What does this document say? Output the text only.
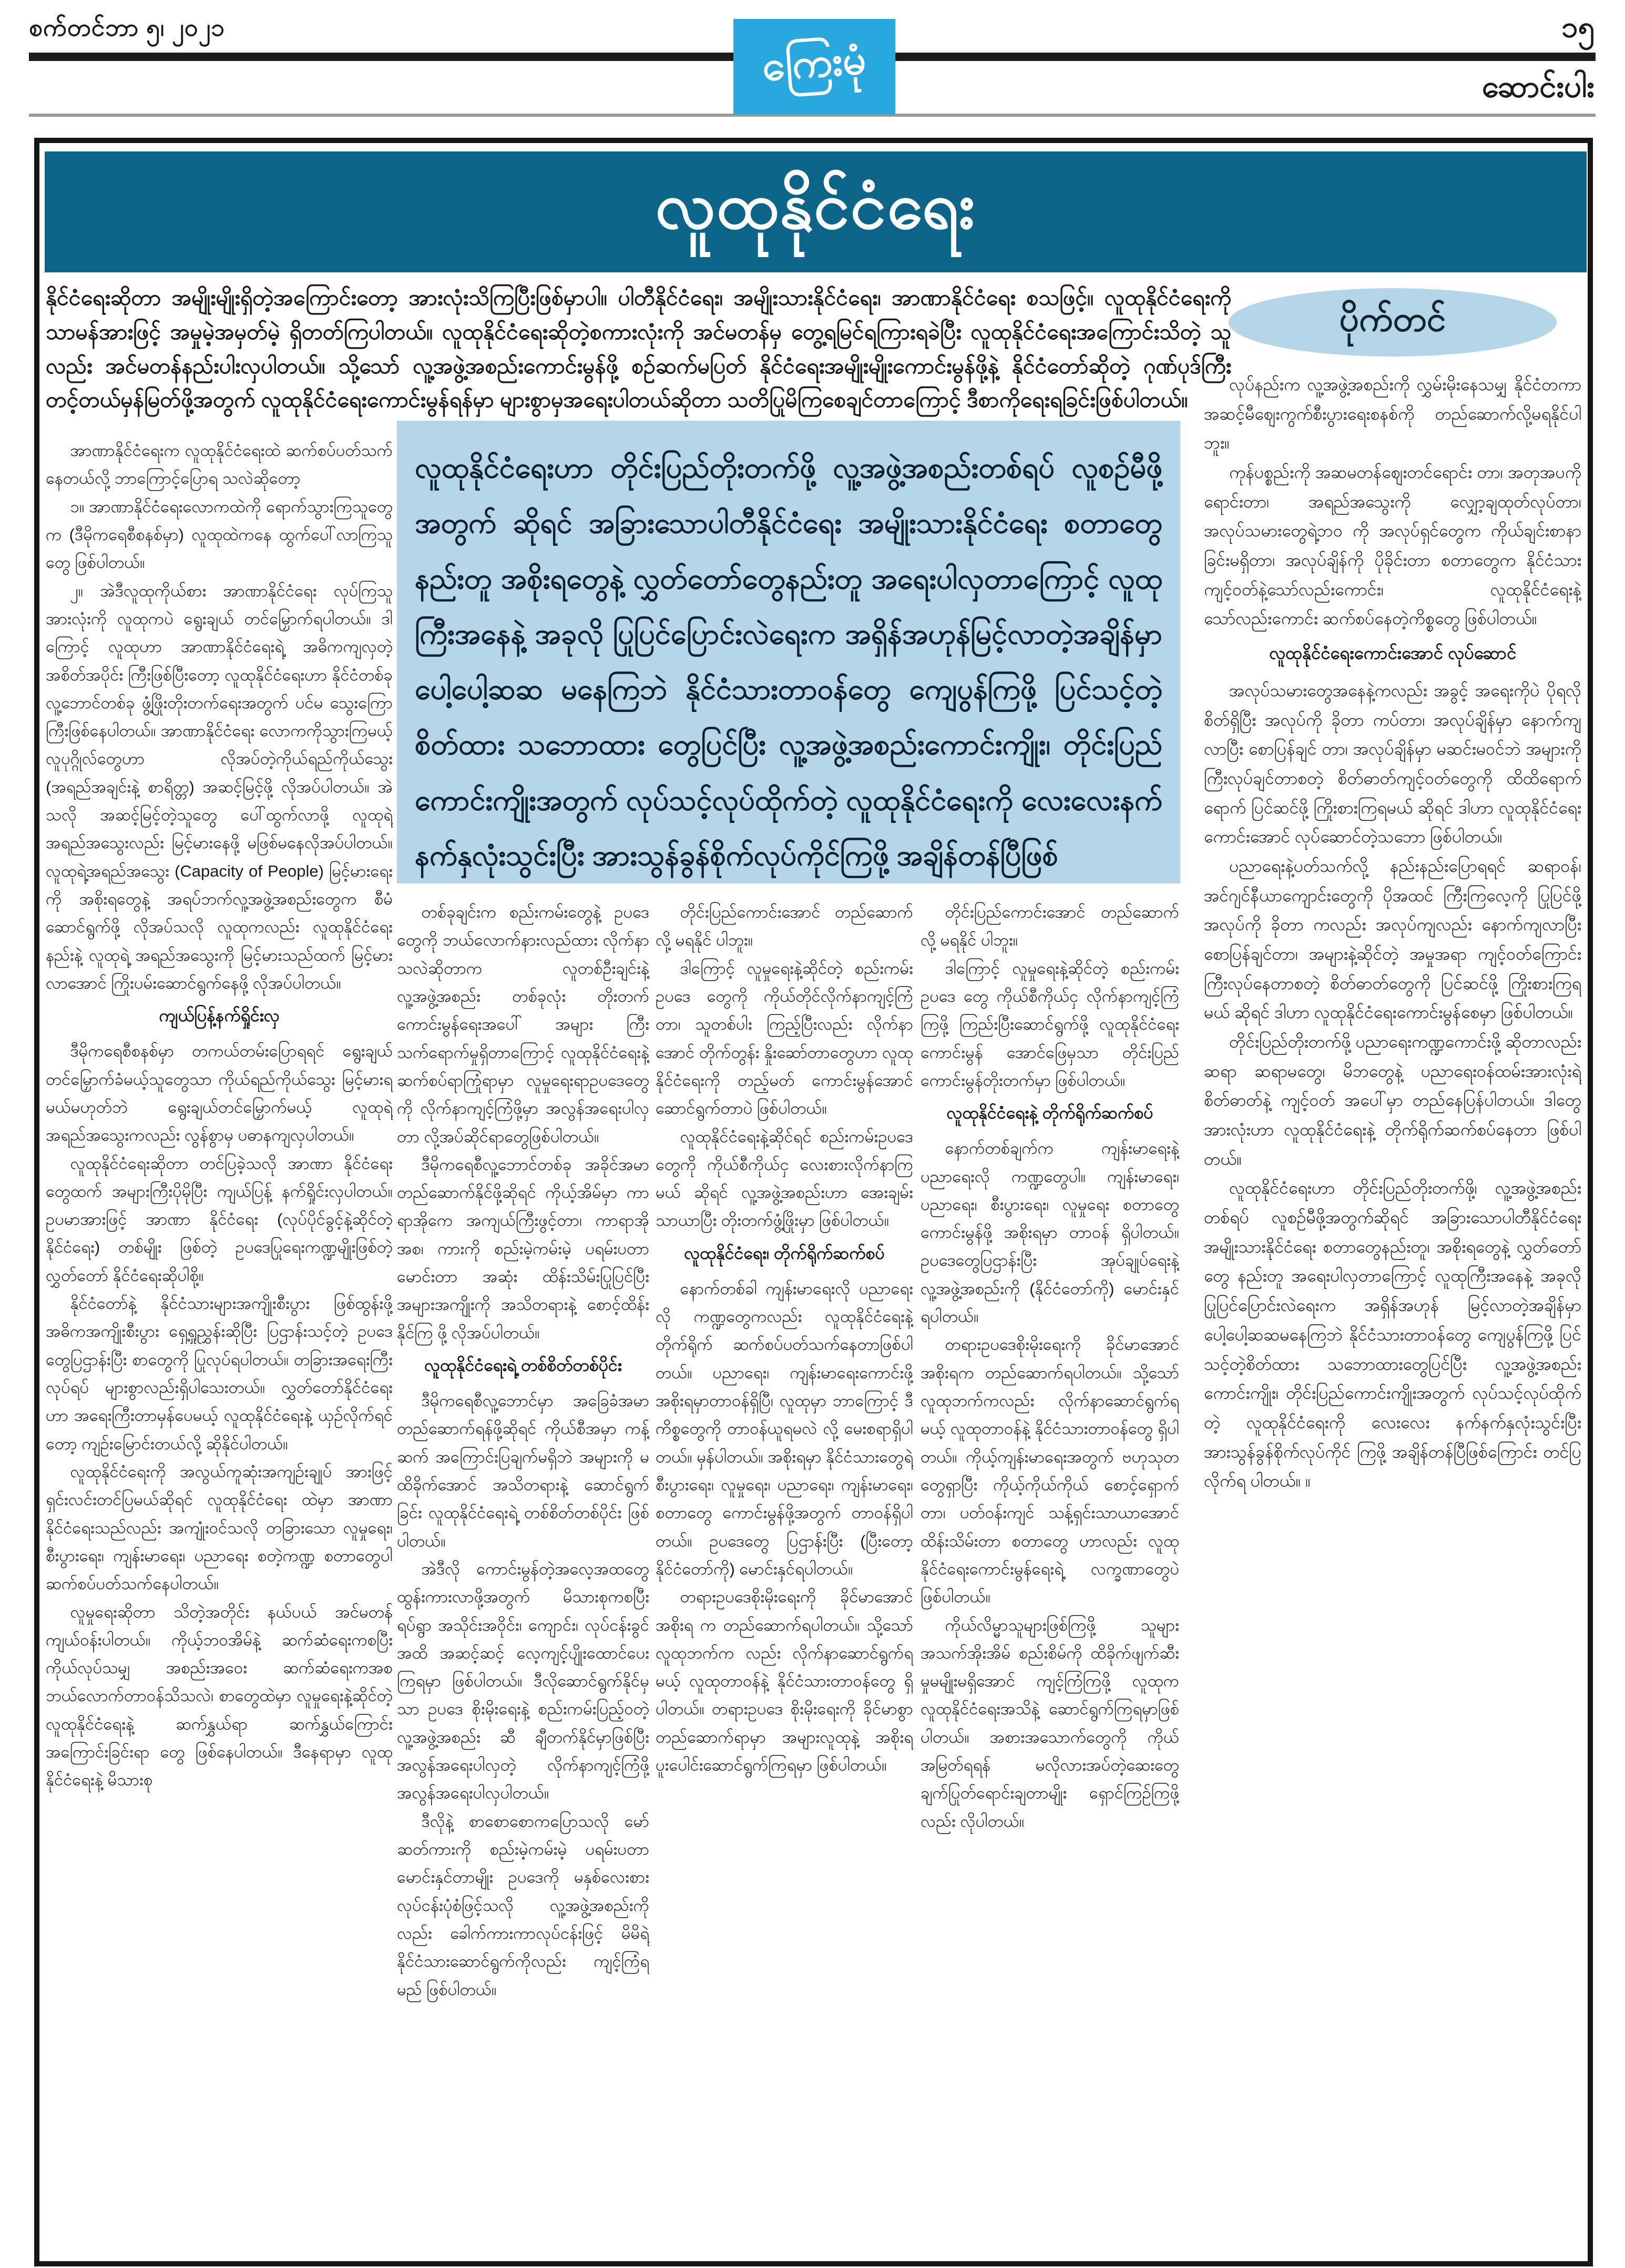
စက်တင်ဘာ ၅၊ ၂၀၂၁	၁၅
ကြေးမုံ	ဆောင်းပါး
လူထုနိုင်ငံရေး
နိုင်ငံရေးဆိုတာ အမျိုးမျိုးရှိတဲ့အကြောင်းတော့ အားလုံးသိကြပြီးဖြစ်မှာပါ။ ပါတီနိုင်ငံရေး၊ အမျိုးသားနိုင်ငံရေး၊ အာဏာနိုင်ငံရေး စသဖြင့်။ လူထုနိုင်ငံရေးကို သာမန်အားဖြင့် အမှုမဲ့အမှတ်မဲ့ ရှိတတ်ကြပါတယ်။ လူထုနိုင်ငံရေးဆိုတဲ့စကားလုံးကို အင်မတန်မှ တွေ့ရမြင်ရကြားရခဲပြီး လူထုနိုင်ငံရေးအကြောင်းသိတဲ့ သူလည်း အင်မတန်နည်းပါးလှပါတယ်။ သို့သော် လူ့အဖွဲ့အစည်းကောင်းမွန်ဖို့ စဉ်ဆက်မပြတ် နိုင်ငံရေးအမျိုးမျိုးကောင်းမွန်ဖို့နဲ့ နိုင်ငံတော်ဆိုတဲ့ ဂုဏ်ပုဒ်ကြီး တင့်တယ်မှန်မြတ်ဖို့အတွက် လူထုနိုင်ငံရေးကောင်းမွန်ရန်မှာ များစွာမှအရေးပါတယ်ဆိုတာ သတိပြုမိကြစေချင်တာကြောင့် ဒီစာကိုရေးရခြင်းဖြစ်ပါတယ်။

အာဏာနိုင်ငံရေးက လူထုနိုင်ငံရေးထဲ ဆက်စပ်ပတ်သက်နေတယ်လို့ ဘာကြောင့်ပြောရ သလဲဆိုတော့

၁။ အာဏာနိုင်ငံရေးလောကထဲကို ရောက်သွားကြသူတွေက (ဒီမိုကရေစီစနစ်မှာ) လူထုထဲကနေ ထွက်ပေါ်လာကြသူတွေ ဖြစ်ပါတယ်။

၂။ အဲဒီလူထုကိုယ်စား အာဏာနိုင်ငံရေး လုပ်ကြသူအားလုံးကို လူထုကပဲ ရွေးချယ် တင်မြှောက်ရပါတယ်။ ဒါကြောင့် လူထုဟာ အာဏာနိုင်ငံရေးရဲ့ အဓိကကျလှတဲ့ အစိတ်အပိုင်း ကြီးဖြစ်ပြီးတော့ လူထုနိုင်ငံရေးဟာ နိုင်ငံတစ်ခု လူ့ဘောင်တစ်ခု ဖွံ့ဖြိုးတိုးတက်ရေးအတွက် ပင်မ သွေးကြောကြီးဖြစ်နေပါတယ်။ အာဏာနိုင်ငံရေး လောကကိုသွားကြမယ့် လူပုဂ္ဂိုလ်တွေဟာ လိုအပ်တဲ့ကိုယ်ရည်ကိုယ်သွေး (အရည်အချင်းနဲ့ စာရိတ္တ) အဆင့်မြင့်ဖို့ လိုအပ်ပါတယ်။ အဲသလို အဆင့်မြင့်တဲ့သူတွေ ပေါ်ထွက်လာဖို့ လူထုရဲ့အရည်အသွေးလည်း မြင့်မားနေဖို့ မဖြစ်မနေလိုအပ်ပါတယ်။ လူထုရဲ့အရည်အသွေး (Capacity of People) မြင့်မားရေးကို အစိုးရတွေနဲ့ အရပ်ဘက်လူ့အဖွဲ့အစည်းတွေက စီမံဆောင်ရွက်ဖို့ လိုအပ်သလို လူထုကလည်း လူထုနိုင်ငံရေးနည်းနဲ့ လူထုရဲ့ အရည်အသွေးကို မြင့်မားသည်ထက် မြင့်မားလာအောင် ကြိုးပမ်းဆောင်ရွက်နေဖို့ လိုအပ်ပါတယ်။

ကျယ်ပြန့်နက်ရှိုင်းလှ

ဒီမိုကရေစီစနစ်မှာ တကယ်တမ်းပြောရရင် ရွေးချယ်တင်မြှောက်ခံမယ့်သူတွေသာ ကိုယ်ရည်ကိုယ်သွေး မြင့်မားရမယ်မဟုတ်ဘဲ ရွေးချယ်တင်မြှောက်မယ့် လူထုရဲ့အရည်အသွေးကလည်း လွန်စွာမှ ပဓာနကျလှပါတယ်။

လူထုနိုင်ငံရေးဆိုတာ တင်ပြခဲ့သလို အာဏာ နိုင်ငံရေးတွေထက် အများကြီးပိုမိုပြီး ကျယ်ပြန့် နက်ရှိုင်းလှပါတယ်။ ဥပမာအားဖြင့် အာဏာ နိုင်ငံရေး (လုပ်ပိုင်ခွင့်နဲ့ဆိုင်တဲ့နိုင်ငံရေး) တစ်မျိုး ဖြစ်တဲ့ ဥပဒေပြုရေးကဏ္ဍမျိုးဖြစ်တဲ့ လွှတ်တော် နိုင်ငံရေးဆိုပါစို့။

နိုင်ငံတော်နဲ့ နိုင်ငံသားများအကျိုးစီးပွား ဖြစ်ထွန်းဖို့ အဓိကအကျိုးစီးပွား ရှေ့ရှုညွှန်းဆိုပြီး ပြဌာန်းသင့်တဲ့ ဥပဒေတွေပြဌာန်းပြီး စာတွေကို ပြုလုပ်ရပါတယ်။ တခြားအရေးကြီးလုပ်ရပ် များစွာလည်းရှိပါသေးတယ်။ လွှတ်တော်နိုင်ငံရေး ဟာ အရေးကြီးတာမှန်ပေမယ့် လူထုနိုင်ငံရေးနဲ့ ယှဉ်လိုက်ရင်တော့ ကျဉ်းမြောင်းတယ်လို့ ဆိုနိုင်ပါတယ်။

လူထုနိုင်ငံရေးကို အလွယ်ကူဆုံးအကျဉ်းချုပ် အားဖြင့် ရှင်းလင်းတင်ပြမယ်ဆိုရင် လူထုနိုင်ငံရေး ထဲမှာ အာဏာနိုင်ငံရေးသည်လည်း အကျုံးဝင်သလို တခြားသော လူမှုရေး၊ စီးပွားရေး၊ ကျန်းမာရေး၊ ပညာရေး စတဲ့ကဏ္ဍ စတာတွေပါ ဆက်စပ်ပတ်သက်နေပါတယ်။

လူမှုရေးဆိုတာ သိတဲ့အတိုင်း နယ်ပယ် အင်မတန်ကျယ်ဝန်းပါတယ်။ ကိုယ့်ဘဝအိမ်နဲ့ ဆက်ဆံရေးကစပြီး ကိုယ်လုပ်သမျှ အစည်းအဝေး ဆက်ဆံရေးကအစ ဘယ်လောက်တာဝန်သိသလဲ၊ စာတွေထဲမှာ လူမှုရေးနဲ့ဆိုင်တဲ့ လူထုနိုင်ငံရေးနဲ့ ဆက်နွှယ်ရာ ဆက်နွှယ်ကြောင်း အကြောင်းခြင်းရာ တွေ ဖြစ်နေပါတယ်။ ဒီနေရာမှာ လူထုနိုင်ငံရေးနဲ့ မိသားစု

လူထုနိုင်ငံရေးဟာ တိုင်းပြည်တိုးတက်ဖို့ လူ့အဖွဲ့အစည်းတစ်ရပ် လူစဉ်မီဖို့အတွက် ဆိုရင် အခြားသောပါတီနိုင်ငံရေး အမျိုးသားနိုင်ငံရေး စတာတွေနည်းတူ အစိုးရတွေနဲ့ လွှတ်တော်တွေနည်းတူ အရေးပါလှတာကြောင့် လူထုကြီးအနေနဲ့ အခုလို ပြုပြင်ပြောင်းလဲရေးက အရှိန်အဟုန်မြင့်လာတဲ့အချိန်မှာ ပေါ့ပေါ့ဆဆ မနေကြဘဲ နိုင်ငံသားတာဝန်တွေ ကျေပွန်ကြဖို့ ပြင်သင့်တဲ့စိတ်ထား သဘောထား တွေပြင်ပြီး လူ့အဖွဲ့အစည်းကောင်းကျိုး၊ တိုင်းပြည်ကောင်းကျိုးအတွက် လုပ်သင့်လုပ်ထိုက်တဲ့ လူထုနိုင်ငံရေးကို လေးလေးနက်နက်နှလုံးသွင်းပြီး အားသွန်ခွန်စိုက်လုပ်ကိုင်ကြဖို့ အချိန်တန်ပြီဖြစ်

တစ်ခုချင်းက စည်းကမ်းတွေနဲ့ ဥပဒေတွေကို ဘယ်လောက်နားလည်ထား လိုက်နာသလဲဆိုတာက လူတစ်ဦးချင်းနဲ့ လူ့အဖွဲ့အစည်း တစ်ခုလုံး တိုးတက်ကောင်းမွန်ရေးအပေါ် အများ ကြီးသက်ရောက်မှုရှိတာကြောင့် လူထုနိုင်ငံရေးနဲ့ ဆက်စပ်ရာကြုံရာမှာ လူမှုရေးရာဥပဒေတွေကို လိုက်နာကျင့်ကြံဖို့မှာ အလွန်အရေးပါလှတာ လို့အပ်ဆိုင်ရာတွေဖြစ်ပါတယ်။

ဒီမိုကရေစီလူ့ဘောင်တစ်ခု အခိုင်အမာ တည်ဆောက်နိုင်ဖို့ဆိုရင် ကိုယ့်အိမ်မှာ ကာရာအိုကေ အကျယ်ကြီးဖွင့်တာ၊ ကာရာအို အစ၊ ကားကို စည်းမဲ့ကမ်းမဲ့ ပရမ်းပတာ မောင်းတာ အဆုံး ထိန်းသိမ်းပြုပြင်ပြီး အများအကျိုးကို အသိတရားနဲ့ စောင့်ထိန်းနိုင်ကြ ဖို့ လိုအပ်ပါတယ်။

လူထုနိုင်ငံရေးရဲ့ တစ်စိတ်တစ်ပိုင်း

ဒီမိုကရေစီလူ့ဘောင်မှာ အခြေခံအမာ တည်ဆောက်ရန်ဖို့ဆိုရင် ကိုယ်စီအမှာ ကန့်ဆက် အကြောင်းပြချက်မရှိဘဲ အများကို မထိခိုက်အောင် အသိတရားနဲ့ ဆောင်ရွက်ခြင်း လူထုနိုင်ငံရေးရဲ့ တစ်စိတ်တစ်ပိုင်း ဖြစ်ပါတယ်။

အဲဒီလို ကောင်းမွန်တဲ့အလေ့အထတွေ ထွန်းကားလာဖို့အတွက် မိသားစုကစပြီး ရပ်ရွာ အသိုင်းအဝိုင်း၊ ကျောင်း၊ လုပ်ငန်းခွင်အထိ အဆင့်ဆင့် လေ့ကျင့်ပျိုးထောင်ပေးကြရမှာ ဖြစ်ပါတယ်။ ဒီလိုဆောင်ရွက်နိုင်မှသာ ဥပဒေ စိုးမိုးရေးနဲ့ စည်းကမ်းပြည့်ဝတဲ့ လူ့အဖွဲ့အစည်း ဆီ ချီတက်နိုင်မှာဖြစ်ပြီး အလွန်အရေးပါလှတဲ့ လိုက်နာကျင့်ကြံဖို့ အလွန်အရေးပါလှပါတယ်။

ဒီလိုနဲ့ စာစောစောကပြောသလို မော်ဆတ်ကားကို စည်းမဲ့ကမ်းမဲ့ ပရမ်းပတာမောင်းနှင်တာမျိုး ဥပဒေကို မနှစ်လေးစားလုပ်ငန်းပုံစံဖြင့်သလို လူ့အဖွဲ့အစည်းကိုလည်း ခေါက်ကားကာလုပ်ငန်းဖြင့် မိမိရဲ့ နိုင်ငံသားဆောင်ရွက်ကိုလည်း ကျင့်ကြံရမည် ဖြစ်ပါတယ်။

တိုင်းပြည်ကောင်းအောင် တည်ဆောက်လို့ မရနိုင် ပါဘူး။

ဒါကြောင့် လူမှုရေးနဲ့ဆိုင်တဲ့ စည်းကမ်းဥပဒေ တွေကို ကိုယ်တိုင်လိုက်နာကျင့်ကြံတာ၊ သူတစ်ပါး ကြည့်ပြီးလည်း လိုက်နာအောင် တိုက်တွန်း နှိုးဆော်တာတွေဟာ လူထုနိုင်ငံရေးကို တည့်မတ် ကောင်းမွန်အောင် ဆောင်ရွက်တာပဲ ဖြစ်ပါတယ်။

လူထုနိုင်ငံရေးနဲ့ဆိုင်ရင် စည်းကမ်းဥပဒေ တွေကို ကိုယ်စီကိုယ်ငှ လေးစားလိုက်နာကြမယ် ဆိုရင် လူ့အဖွဲ့အစည်းဟာ အေးချမ်းသာယာပြီး တိုးတက်ဖွံ့ဖြိုးမှာ ဖြစ်ပါတယ်။

လူထုနိုင်ငံရေး၊ တိုက်ရိုက်ဆက်စပ်

နောက်တစ်ခါ ကျန်းမာရေးလို ပညာရေးလို ကဏ္ဍတွေကလည်း လူထုနိုင်ငံရေးနဲ့ တိုက်ရိုက် ဆက်စပ်ပတ်သက်နေတာဖြစ်ပါတယ်။ ပညာရေး၊ ကျန်းမာရေးကောင်းဖို့ အစိုးရမှာတာဝန်ရှိပြီ၊ လူထုမှာ ဘာကြောင့် ဒီကိစ္စတွေကို တာဝန်ယူရမလဲ လို့ မေးစရာရှိပါတယ်။ မှန်ပါတယ်။ အစိုးရမှာ နိုင်ငံသားတွေရဲ့ စီးပွားရေး၊ လူမှုရေး၊ ပညာရေး၊ ကျန်းမာရေး၊ စတာတွေ ကောင်းမွန်ဖို့အတွက် တာဝန်ရှိပါတယ်။ ဥပဒေတွေ ပြဌာန်းပြီး (ပြီးတော့ နိုင်ငံတော်ကို) မောင်းနှင်ရပါတယ်။

တရားဥပဒေစိုးမိုးရေးကို ခိုင်မာအောင် အစိုးရ က တည်ဆောက်ရပါတယ်။ သို့သော် လူထုဘက်က လည်း လိုက်နာဆောင်ရွက်ရမယ့် လူထုတာဝန်နဲ့ နိုင်ငံသားတာဝန်တွေ ရှိပါတယ်။ တရားဥပဒေ စိုးမိုးရေးကို ခိုင်မာစွာတည်ဆောက်ရာမှာ အများလူထုနဲ့ အစိုးရ ပူးပေါင်းဆောင်ရွက်ကြရမှာ ဖြစ်ပါတယ်။

တိုင်းပြည်ကောင်းအောင် တည်ဆောက်လို့ မရနိုင် ပါဘူး။

ဒါကြောင့် လူမှုရေးနဲ့ဆိုင်တဲ့ စည်းကမ်းဥပဒေ တွေ ကိုယ်စီကိုယ်ငှ လိုက်နာကျင့်ကြံကြဖို့ ကြည်းပြီးဆောင်ရွက်ဖို့ လူထုနိုင်ငံရေးကောင်းမွန် အောင်ဖြေမှသာ တိုင်းပြည်ကောင်းမွန်တိုးတက်မှာ ဖြစ်ပါတယ်။

လူထုနိုင်ငံရေးနဲ့ တိုက်ရိုက်ဆက်စပ်

နောက်တစ်ချက်က ကျန်းမာရေးနဲ့ ပညာရေးလို ကဏ္ဍတွေပါ။ ကျန်းမာရေး၊ ပညာရေး၊ စီးပွားရေး၊ လူမှုရေး စတာတွေ ကောင်းမွန်ဖို့ အစိုးရမှာ တာဝန် ရှိပါတယ်။ ဥပဒေတွေပြဌာန်းပြီး အုပ်ချုပ်ရေးနဲ့ လူ့အဖွဲ့အစည်းကို (နိုင်ငံတော်ကို) မောင်းနှင် ရပါတယ်။

တရားဥပဒေစိုးမိုးရေးကို ခိုင်မာအောင် အစိုးရက တည်ဆောက်ရပါတယ်။ သို့သော် လူထုဘက်ကလည်း လိုက်နာဆောင်ရွက်ရမယ့် လူထုတာဝန်နဲ့ နိုင်ငံသားတာဝန်တွေ ရှိပါတယ်။ ကိုယ့်ကျန်းမာရေးအတွက် ဗဟုသုတတွေရှာပြီး ကိုယ့်ကိုယ်ကိုယ် စောင့်ရှောက်တာ၊ ပတ်ဝန်းကျင် သန့်ရှင်းသာယာအောင် ထိန်းသိမ်းတာ စတာတွေ ဟာလည်း လူထုနိုင်ငံရေးကောင်းမွန်ရေးရဲ့ လက္ခဏာတွေပဲ ဖြစ်ပါတယ်။

ကိုယ်လိမ္မာသူများဖြစ်ကြဖို့ သူများအသက်အိုးအိမ် စည်းစိမ်ကို ထိခိုက်ဖျက်ဆီးမှုမမျိုးမရှိအောင် ကျင့်ကြံကြဖို့ လူထုက လူထုနိုင်ငံရေးအသိနဲ့ ဆောင်ရွက်ကြရမှာဖြစ်ပါတယ်။ အစားအသောက်တွေကို ကိုယ်အမြတ်ရရန် မလိုလားအပ်တဲ့ဆေးတွေ ချက်ပြုတ်ရောင်းချတာမျိုး ရှောင်ကြဉ်ကြဖို့လည်း လိုပါတယ်။

ပိုက်တင်

လုပ်နည်းက လူ့အဖွဲ့အစည်းကို လွှမ်းမိုးနေသမျှ နိုင်ငံတကာ အဆင့်မီဈေးကွက်စီးပွားရေးစနစ်ကို တည်ဆောက်လို့မရနိုင်ပါဘူး။

ကုန်ပစ္စည်းကို အဆမတန်ဈေးတင်ရောင်း တာ၊ အတုအပကို ရောင်းတာ၊ အရည်အသွေးကို လျှော့ချထုတ်လုပ်တာ၊ အလုပ်သမားတွေရဲ့ဘဝ ကို အလုပ်ရှင်တွေက ကိုယ်ချင်းစာနာခြင်းမရှိတာ၊ အလုပ်ချိန်ကို ပိုခိုင်းတာ စတာတွေက နိုင်ငံသား ကျင့်ဝတ်နဲ့သော်လည်းကောင်း၊ လူထုနိုင်ငံရေးနဲ့ သော်လည်းကောင်း ဆက်စပ်နေတဲ့ကိစ္စတွေ ဖြစ်ပါတယ်။

လူထုနိုင်ငံရေးကောင်းအောင် လုပ်ဆောင်

အလုပ်သမားတွေအနေနဲ့ကလည်း အခွင့် အရေးကိုပဲ ပိုရလိုစိတ်ရှိပြီး အလုပ်ကို ခိုတာ ကပ်တာ၊ အလုပ်ချိန်မှာ နောက်ကျလာပြီး စောပြန်ချင် တာ၊ အလုပ်ချိန်မှာ မဆင်းမဝင်ဘဲ အများကို ကြီးလုပ်ချင်တာစတဲ့ စိတ်ဓာတ်ကျင့်ဝတ်တွေကို ထိထိရောက်ရောက် ပြင်ဆင်ဖို့ ကြိုးစားကြရမယ် ဆိုရင် ဒါဟာ လူထုနိုင်ငံရေးကောင်းအောင် လုပ်ဆောင်တဲ့သဘော ဖြစ်ပါတယ်။

ပညာရေးနဲ့ပတ်သက်လို့ နည်းနည်းပြောရရင် ဆရာဝန်၊ အင်ဂျင်နီယာကျောင်းတွေကို ပိုအထင် ကြီးကြလေ့ကို ပြုပြင်ဖို့ အလုပ်ကို ခိုတာ ကလည်း အလုပ်ကျလည်း နောက်ကျလာပြီး စောပြန်ချင်တာ၊ အများနဲ့ဆိုင်တဲ့ အမှုအရာ ကျင့်ဝတ်ကြောင်း ကြီးလုပ်နေတာစတဲ့ စိတ်ဓာတ်တွေကို ပြင်ဆင်ဖို့ ကြိုးစားကြရမယ် ဆိုရင် ဒါဟာ လူထုနိုင်ငံရေးကောင်းမွန်စေမှာ ဖြစ်ပါတယ်။

တိုင်းပြည်တိုးတက်ဖို့ ပညာရေးကဏ္ဍကောင်းဖို့ ဆိုတာလည်း ဆရာ ဆရာမတွေ၊ မိဘတွေနဲ့ ပညာရေးဝန်ထမ်းအားလုံးရဲ့ စိတ်ဓာတ်နဲ့ ကျင့်ဝတ် အပေါ်မှာ တည်နေပြန်ပါတယ်။ ဒါတွေအားလုံးဟာ လူထုနိုင်ငံရေးနဲ့ တိုက်ရိုက်ဆက်စပ်နေတာ ဖြစ်ပါတယ်။

လူထုနိုင်ငံရေးဟာ တိုင်းပြည်တိုးတက်ဖို့၊ လူ့အဖွဲ့အစည်းတစ်ရပ် လူစဉ်မီဖို့အတွက်ဆိုရင် အခြားသောပါတီနိုင်ငံရေး အမျိုးသားနိုင်ငံရေး စတာတွေနည်းတူ၊ အစိုးရတွေနဲ့ လွှတ်တော်တွေ နည်းတူ အရေးပါလှတာကြောင့် လူထုကြီးအနေနဲ့ အခုလို ပြုပြင်ပြောင်းလဲရေးက အရှိန်အဟုန် မြင့်လာတဲ့အချိန်မှာ ပေါ့ပေါ့ဆဆမနေကြဘဲ နိုင်ငံသားတာဝန်တွေ ကျေပွန်ကြဖို့ ပြင်သင့်တဲ့စိတ်ထား သဘောထားတွေပြင်ပြီး လူ့အဖွဲ့အစည်း ကောင်းကျိုး၊ တိုင်းပြည်ကောင်းကျိုးအတွက် လုပ်သင့်လုပ်ထိုက်တဲ့ လူထုနိုင်ငံရေးကို လေးလေး နက်နက်နှလုံးသွင်းပြီး အားသွန်ခွန်စိုက်လုပ်ကိုင် ကြဖို့ အချိန်တန်ပြီဖြစ်ကြောင်း တင်ပြလိုက်ရ ပါတယ်။ ။
